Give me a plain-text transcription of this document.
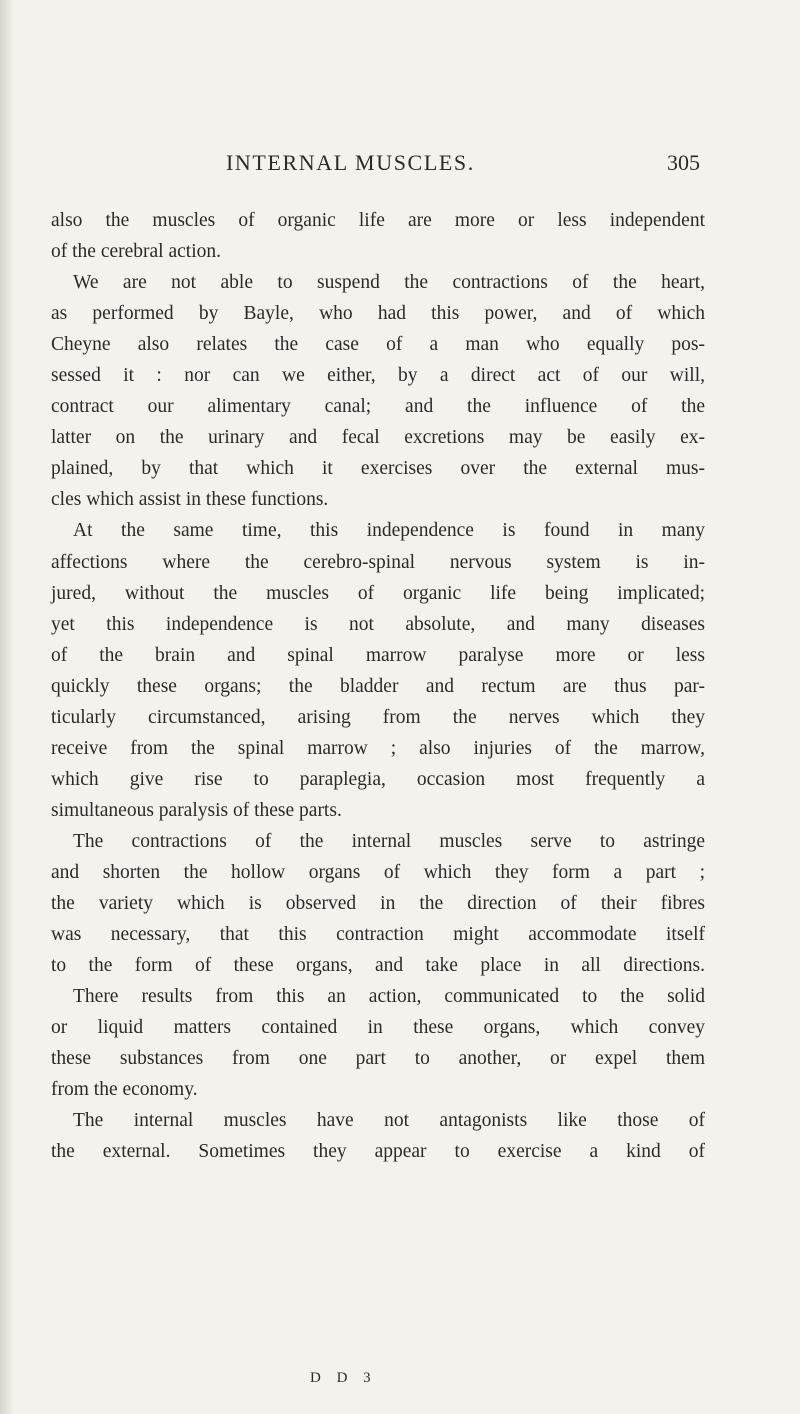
INTERNAL MUSCLES.	305
also the muscles of organic life are more or less independent
of the cerebral action.
We are not able to suspend the contractions of the heart,
as performed by Bayle, who had this power, and of which
Cheyne also relates the case of a man who equally pos-
sessed it : nor can we either, by a direct act of our will,
contract our alimentary canal; and the influence of the
latter on the urinary and fecal excretions may be easily ex-
plained, by that which it exercises over the external mus-
cles which assist in these functions.
At the same time, this independence is found in many
affections where the cerebro-spinal nervous system is in-
jured, without the muscles of organic life being implicated;
yet this independence is not absolute, and many diseases
of the brain and spinal marrow paralyse more or less
quickly these organs; the bladder and rectum are thus par-
ticularly circumstanced, arising from the nerves which they
receive from the spinal marrow ; also injuries of the marrow,
which give rise to paraplegia, occasion most frequently a
simultaneous paralysis of these parts.
The contractions of the internal muscles serve to astringe
and shorten the hollow organs of which they form a part ;
the variety which is observed in the direction of their fibres
was necessary, that this contraction might accommodate itself
to the form of these organs, and take place in all directions.
There results from this an action, communicated to the solid
or liquid matters contained in these organs, which convey
these substances from one part to another, or expel them
from the economy.
The internal muscles have not antagonists like those of
the external. Sometimes they appear to exercise a kind of
D D 3
